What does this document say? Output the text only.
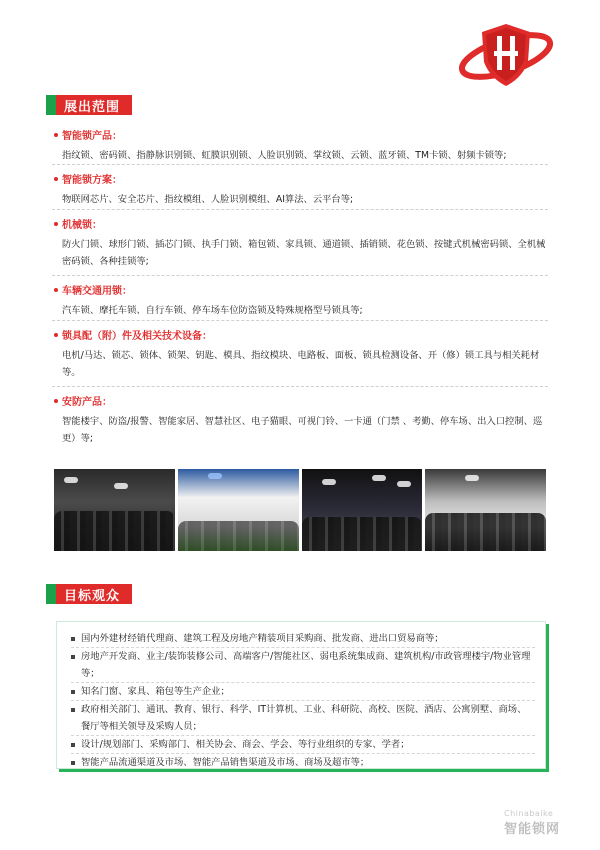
展出范围
智能锁产品：
指纹锁、密码锁、指静脉识别锁、虹膜识别锁、人脸识别锁、掌纹锁、云锁、蓝牙锁、TM卡锁、射频卡锁等;
智能锁方案：
物联网芯片、安全芯片、指纹模组、人脸识别模组、AI算法、云平台等;
机械锁：
防火门锁、球形门锁、插芯门锁、执手门锁、箱包锁、家具锁、通道锁、插销锁、花色锁、按键式机械密码锁、全机械密码锁、各种挂锁等;
车辆交通用锁：
汽车锁、摩托车锁、自行车锁、停车场车位防盗锁及特殊规格型号锁具等;
锁具配（附）件及相关技术设备：
电机/马达、锁芯、锁体、锁架、钥匙、模具、指纹模块、电路板、面板、锁具检测设备、开（修）锁工具与相关耗材等。
安防产品：
智能楼宇、防盗/报警、智能家居、智慧社区、电子猫眼、可视门铃、一卡通（门禁 、考勤、停车场、出入口控制、巡更）等;
目标观众
国内外建材经销代理商、建筑工程及房地产精装项目采购商、批发商、进出口贸易商等；
房地产开发商、业主/装饰装修公司、高端客户/智能社区、弱电系统集成商、建筑机构/市政管理楼宇/物业管理等；
知名门窗、家具、箱包等生产企业；
政府相关部门、通讯、教育、银行、科学、IT计算机、工业、科研院、高校、医院、酒店、公寓别墅、商场、餐厅等相关领导及采购人员；
设计/规划部门、采购部门、相关协会、商会、学会、等行业组织的专家、学者；
智能产品流通渠道及市场、智能产品销售渠道及市场、商场及超市等；
Chinabaike
智能锁网
